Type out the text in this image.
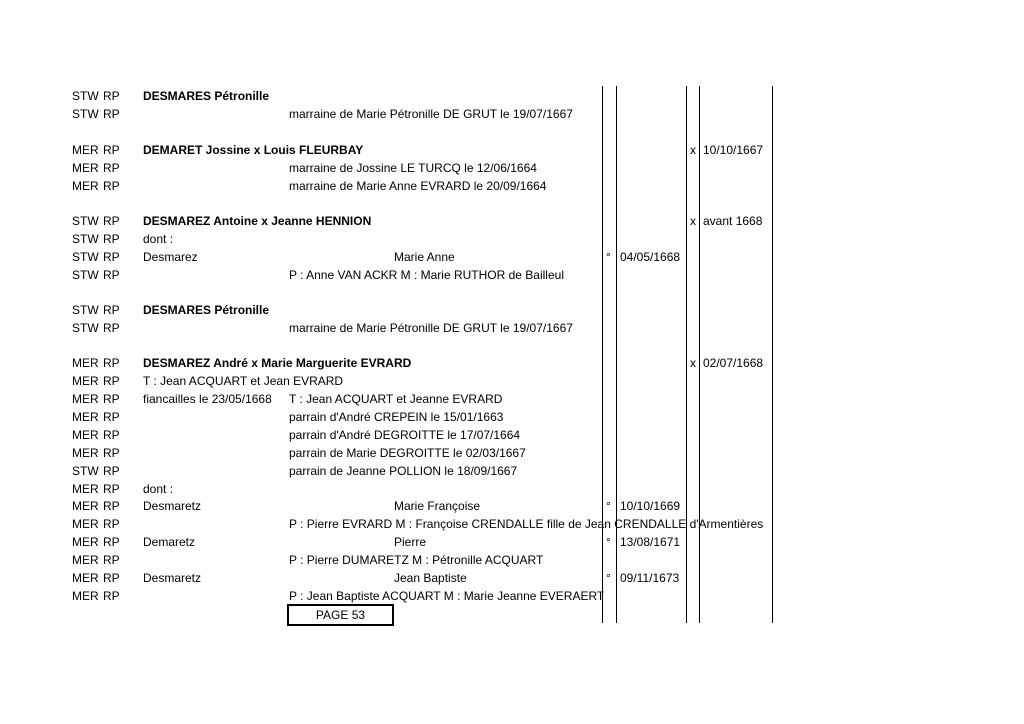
STW RP DESMARES Pétronille
STW RP	marraine de Marie Pétronille DE GRUT le 19/07/1667
MER RP DEMARET Jossine x Louis FLEURBAY	x 10/10/1667
MER RP	marraine de Jossine LE TURCQ le 12/06/1664
MER RP	marraine de Marie Anne EVRARD le 20/09/1664
STW RP DESMAREZ Antoine x Jeanne HENNION	x avant 1668
STW RP dont :
STW RP Desmarez	Marie Anne	° 04/05/1668
STW RP	P : Anne VAN ACKR M : Marie RUTHOR de Bailleul
STW RP DESMARES Pétronille
STW RP	marraine de Marie Pétronille DE GRUT le 19/07/1667
MER RP DESMAREZ André x Marie Marguerite EVRARD	x 02/07/1668
MER RP T : Jean ACQUART et Jean EVRARD
MER RP fiancailles le 23/05/1668 T : Jean ACQUART et Jeanne EVRARD
MER RP	parrain d'André CREPEIN le 15/01/1663
MER RP	parrain d'André DEGROITTE le 17/07/1664
MER RP	parrain de Marie DEGROITTE le 02/03/1667
STW RP	parrain de Jeanne POLLION le 18/09/1667
MER RP dont :
MER RP Desmaretz	Marie Françoise	° 10/10/1669
MER RP	P : Pierre EVRARD M : Françoise CRENDALLE fille de Jean CRENDALLE d'Armentières
MER RP Demaretz	Pierre	° 13/08/1671
MER RP	P : Pierre DUMARETZ M : Pétronille ACQUART
MER RP Desmaretz	Jean Baptiste	° 09/11/1673
MER RP	P : Jean Baptiste ACQUART M : Marie Jeanne EVERAERT
PAGE 53
